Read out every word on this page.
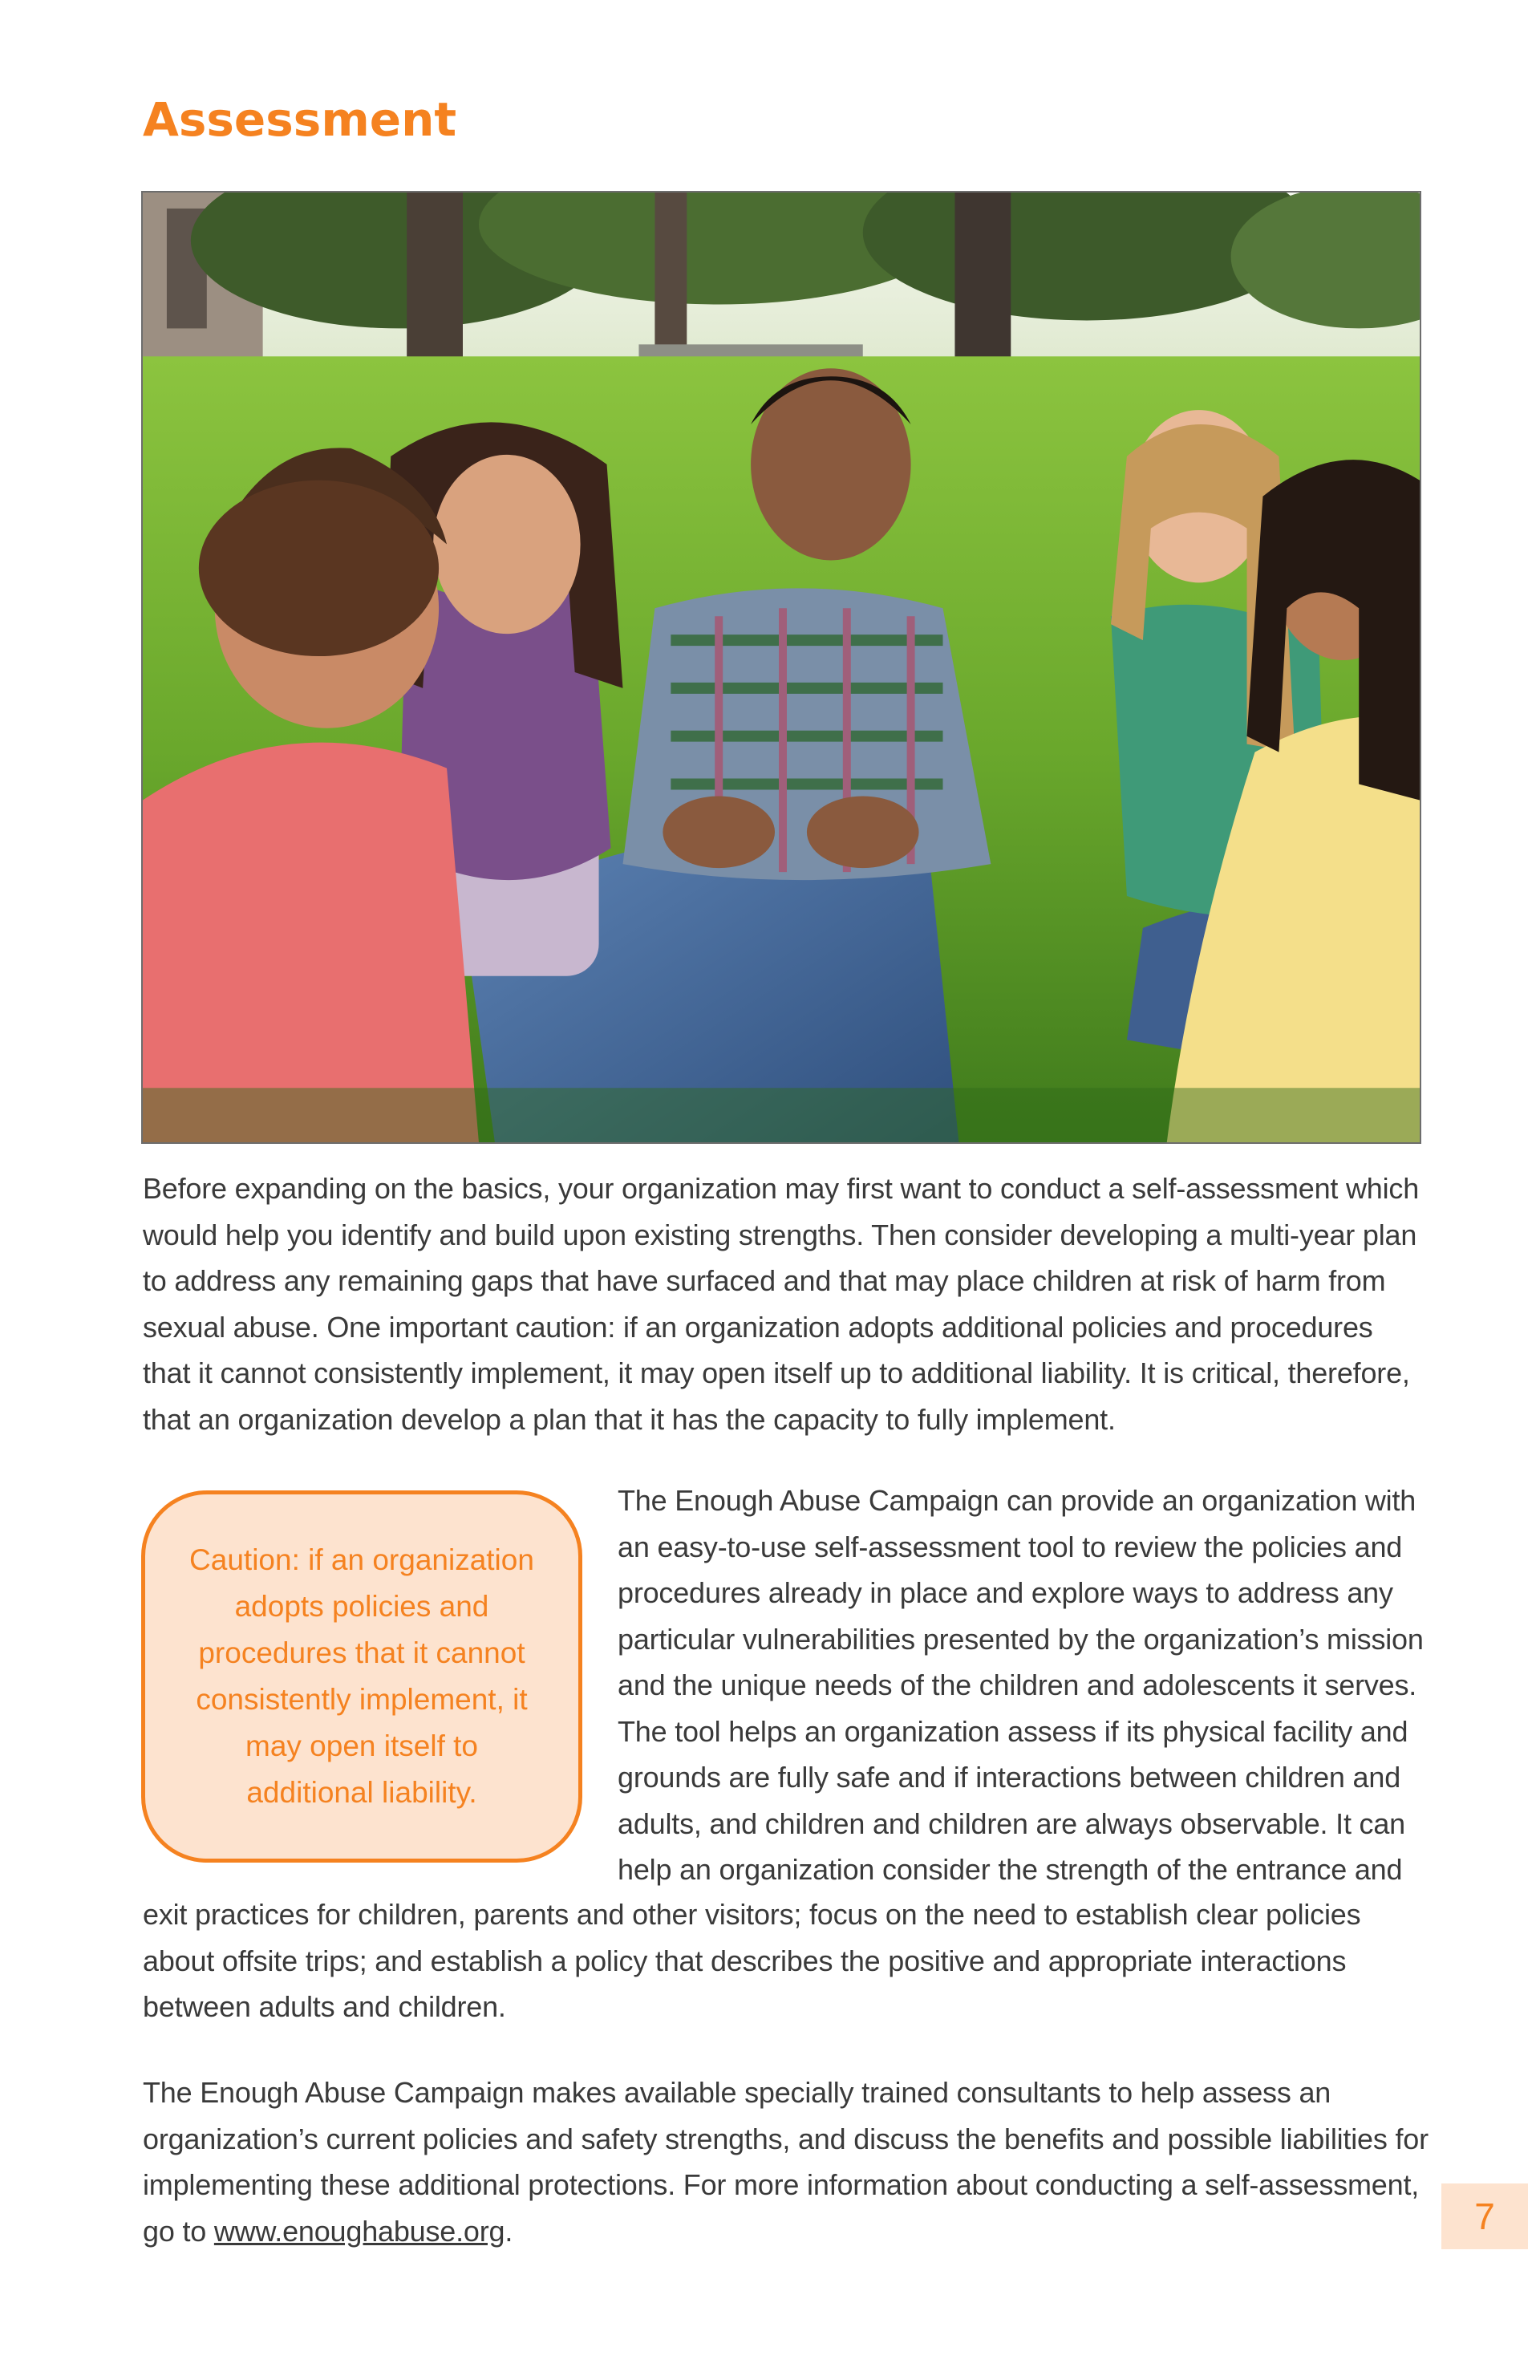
Assessment

Before expanding on the basics, your organization may first want to conduct a self-assessment which would help you identify and build upon existing strengths. Then consider developing a multi-year plan to address any remaining gaps that have surfaced and that may place children at risk of harm from sexual abuse. One important caution: if an organization adopts additional policies and procedures that it cannot consistently implement, it may open itself up to additional liability. It is critical, therefore, that an organization develop a plan that it has the capacity to fully implement.

Caution: if an organization adopts policies and procedures that it cannot consistently implement, it may open itself to additional liability.

The Enough Abuse Campaign can provide an organization with an easy-to-use self-assessment tool to review the policies and procedures already in place and explore ways to address any particular vulnerabilities presented by the organization’s mission and the unique needs of the children and adolescents it serves. The tool helps an organization assess if its physical facility and grounds are fully safe and if interactions between children and adults, and children and children are always observable. It can help an organization consider the strength of the entrance and

exit practices for children, parents and other visitors; focus on the need to establish clear policies about offsite trips; and establish a policy that describes the positive and appropriate interactions between adults and children.

The Enough Abuse Campaign makes available specially trained consultants to help assess an organization’s current policies and safety strengths, and discuss the benefits and possible liabilities for implementing these additional protections. For more information about conducting a self-assessment, go to www.enoughabuse.org.	7
